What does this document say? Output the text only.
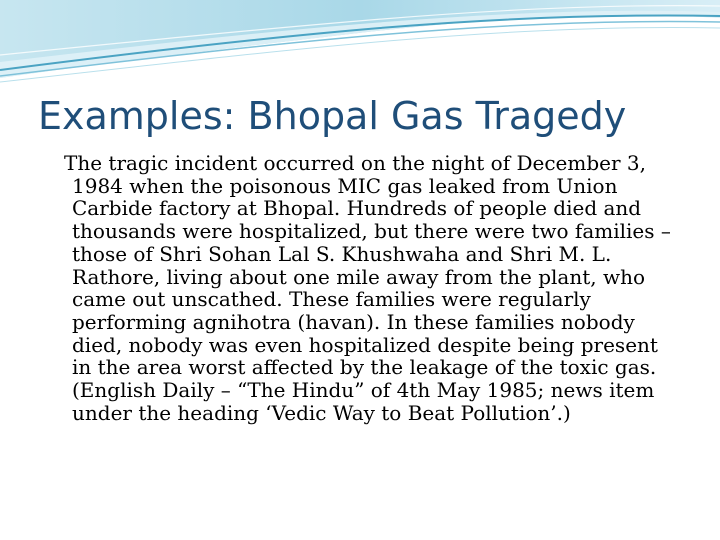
Examples: Bhopal Gas Tragedy

The tragic incident occurred on the night of December 3, 1984 when the poisonous MIC gas leaked from Union Carbide factory at Bhopal. Hundreds of people died and thousands were hospitalized, but there were two families – those of Shri Sohan Lal S. Khushwaha and Shri M. L. Rathore, living about one mile away from the plant, who came out unscathed. These families were regularly performing agnihotra (havan). In these families nobody died, nobody was even hospitalized despite being present in the area worst affected by the leakage of the toxic gas. (English Daily – “The Hindu” of 4th May 1985; news item under the heading ‘Vedic Way to Beat Pollution’.)
